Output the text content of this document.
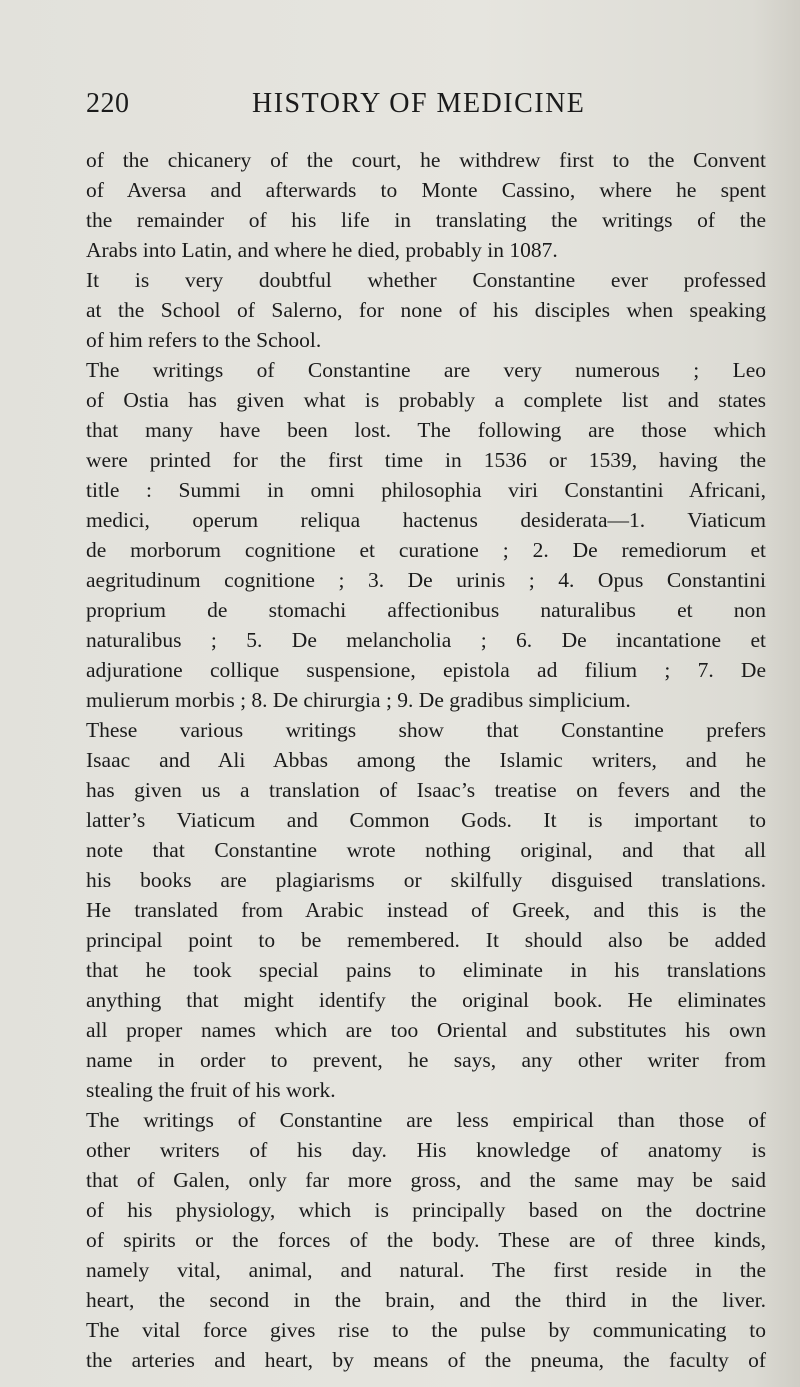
220	HISTORY OF MEDICINE
of the chicanery of the court, he withdrew first to the Convent
of Aversa and afterwards to Monte Cassino, where he spent
the remainder of his life in translating the writings of the
Arabs into Latin, and where he died, probably in 1087.
It is very doubtful whether Constantine ever professed
at the School of Salerno, for none of his disciples when speaking
of him refers to the School.
The writings of Constantine are very numerous ; Leo
of Ostia has given what is probably a complete list and states
that many have been lost. The following are those which
were printed for the first time in 1536 or 1539, having the
title : Summi in omni philosophia viri Constantini Africani,
medici, operum reliqua hactenus desiderata—1. Viaticum
de morborum cognitione et curatione ; 2. De remediorum et
aegritudinum cognitione ; 3. De urinis ; 4. Opus Constantini
proprium de stomachi affectionibus naturalibus et non
naturalibus ; 5. De melancholia ; 6. De incantatione et
adjuratione collique suspensione, epistola ad filium ; 7. De
mulierum morbis ; 8. De chirurgia ; 9. De gradibus simplicium.
These various writings show that Constantine prefers
Isaac and Ali Abbas among the Islamic writers, and he
has given us a translation of Isaac’s treatise on fevers and the
latter’s Viaticum and Common Gods. It is important to
note that Constantine wrote nothing original, and that all
his books are plagiarisms or skilfully disguised translations.
He translated from Arabic instead of Greek, and this is the
principal point to be remembered. It should also be added
that he took special pains to eliminate in his translations
anything that might identify the original book. He eliminates
all proper names which are too Oriental and substitutes his own
name in order to prevent, he says, any other writer from
stealing the fruit of his work.
The writings of Constantine are less empirical than those of
other writers of his day. His knowledge of anatomy is
that of Galen, only far more gross, and the same may be said
of his physiology, which is principally based on the doctrine
of spirits or the forces of the body. These are of three kinds,
namely vital, animal, and natural. The first reside in the
heart, the second in the brain, and the third in the liver.
The vital force gives rise to the pulse by communicating to
the arteries and heart, by means of the pneuma, the faculty of
